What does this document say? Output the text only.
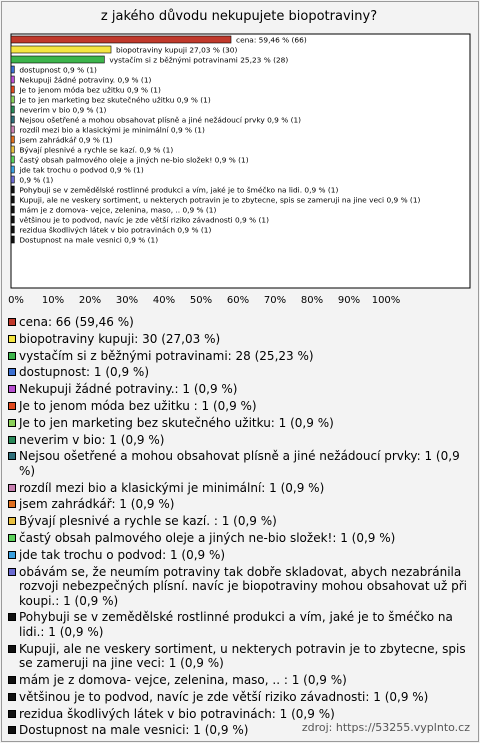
z jakého důvodu nekupujete biopotraviny?
cena: 59,46 % (66)
biopotraviny kupuji 27,03 % (30)
vystačím si z běžnými potravinami 25,23 % (28)
dostupnost 0,9 % (1)
Nekupuji žádné potraviny. 0,9 % (1)
Je to jenom móda bez užitku 0,9 % (1)
Je to jen marketing bez skutečného užitku 0,9 % (1)
neverim v bio 0,9 % (1)
Nejsou ošetřené a mohou obsahovat plísně a jiné nežádoucí prvky 0,9 % (1)
rozdíl mezi bio a klasickými je minimální 0,9 % (1)
jsem zahrádkář 0,9 % (1)
Bývají plesnivé a rychle se kazí. 0,9 % (1)
častý obsah palmového oleje a jiných ne-bio složek! 0,9 % (1)
jde tak trochu o podvod 0,9 % (1)
0,9 % (1)
Pohybuji se v zemědělské rostlinné produkci a vím, jaké je to šméčko na lidi. 0,9 % (1)
Kupuji, ale ne veskery sortiment, u nekterych potravin je to zbytecne, spis se zameruji na jine veci 0,9 % (1)
mám je z domova- vejce, zelenina, maso, .. 0,9 % (1)
většinou je to podvod, navíc je zde větší riziko závadnosti 0,9 % (1)
rezidua škodlivých látek v bio potravinách 0,9 % (1)
Dostupnost na male vesnici 0,9 % (1)
0% 10% 20% 30% 40% 50% 60% 70% 80% 90% 100%
cena: 66 (59,46 %)
biopotraviny kupuji: 30 (27,03 %)
vystačím si z běžnými potravinami: 28 (25,23 %)
dostupnost: 1 (0,9 %)
Nekupuji žádné potraviny.: 1 (0,9 %)
Je to jenom móda bez užitku : 1 (0,9 %)
Je to jen marketing bez skutečného užitku: 1 (0,9 %)
neverim v bio: 1 (0,9 %)
Nejsou ošetřené a mohou obsahovat plísně a jiné nežádoucí prvky: 1 (0,9 %)
rozdíl mezi bio a klasickými je minimální: 1 (0,9 %)
jsem zahrádkář: 1 (0,9 %)
Bývají plesnivé a rychle se kazí. : 1 (0,9 %)
častý obsah palmového oleje a jiných ne-bio složek!: 1 (0,9 %)
jde tak trochu o podvod: 1 (0,9 %)
obávám se, že neumím potraviny tak dobře skladovat, abych nezabránila rozvoji nebezpečných plísní. navíc je biopotraviny mohou obsahovat už při koupi.: 1 (0,9 %)
Pohybuji se v zemědělské rostlinné produkci a vím, jaké je to šméčko na lidi.: 1 (0,9 %)
Kupuji, ale ne veskery sortiment, u nekterych potravin je to zbytecne, spis se zameruji na jine veci: 1 (0,9 %)
mám je z domova- vejce, zelenina, maso, .. : 1 (0,9 %)
většinou je to podvod, navíc je zde větší riziko závadnosti: 1 (0,9 %)
rezidua škodlivých látek v bio potravinách: 1 (0,9 %)
Dostupnost na male vesnici: 1 (0,9 %)	zdroj: https://53255.vyplnto.cz
